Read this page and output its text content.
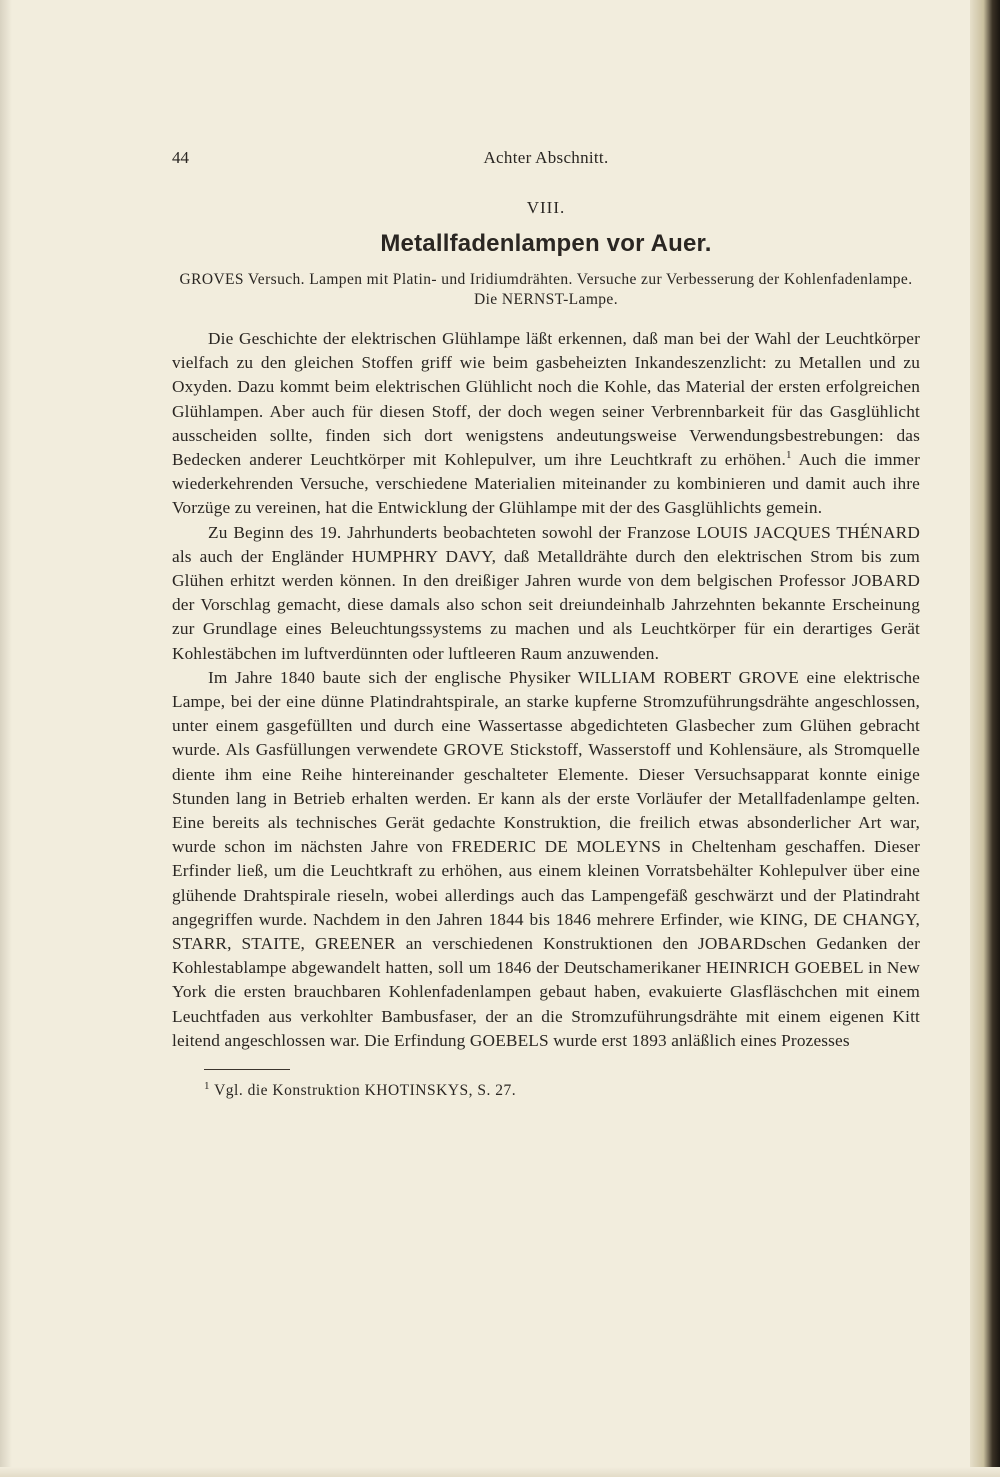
44	Achter Abschnitt.
VIII.
Metallfadenlampen vor Auer.
GROVES Versuch. Lampen mit Platin- und Iridiumdrähten. Versuche zur Verbesserung der Kohlenfadenlampe. Die NERNST-Lampe.

Die Geschichte der elektrischen Glühlampe läßt erkennen, daß man bei der Wahl der Leuchtkörper vielfach zu den gleichen Stoffen griff wie beim gasbeheizten Inkandeszenzlicht: zu Metallen und zu Oxyden. Dazu kommt beim elektrischen Glühlicht noch die Kohle, das Material der ersten erfolgreichen Glühlampen. Aber auch für diesen Stoff, der doch wegen seiner Verbrennbarkeit für das Gasglühlicht ausscheiden sollte, finden sich dort wenigstens andeutungsweise Verwendungsbestrebungen: das Bedecken anderer Leuchtkörper mit Kohlepulver, um ihre Leuchtkraft zu erhöhen.$^1$ Auch die immer wiederkehrenden Versuche, verschiedene Materialien miteinander zu kombinieren und damit auch ihre Vorzüge zu vereinen, hat die Entwicklung der Glühlampe mit der des Gasglühlichts gemein.

Zu Beginn des 19. Jahrhunderts beobachteten sowohl der Franzose LOUIS JACQUES THÉNARD als auch der Engländer HUMPHRY DAVY, daß Metalldrähte durch den elektrischen Strom bis zum Glühen erhitzt werden können. In den dreißiger Jahren wurde von dem belgischen Professor JOBARD der Vorschlag gemacht, diese damals also schon seit dreiundeinhalb Jahrzehnten bekannte Erscheinung zur Grundlage eines Beleuchtungssystems zu machen und als Leuchtkörper für ein derartiges Gerät Kohlestäbchen im luftverdünnten oder luftleeren Raum anzuwenden.

Im Jahre 1840 baute sich der englische Physiker WILLIAM ROBERT GROVE eine elektrische Lampe, bei der eine dünne Platindrahtspirale, an starke kupferne Stromzuführungsdrähte angeschlossen, unter einem gasgefüllten und durch eine Wassertasse abgedichteten Glasbecher zum Glühen gebracht wurde. Als Gasfüllungen verwendete GROVE Stickstoff, Wasserstoff und Kohlensäure, als Stromquelle diente ihm eine Reihe hintereinander geschalteter Elemente. Dieser Versuchsapparat konnte einige Stunden lang in Betrieb erhalten werden. Er kann als der erste Vorläufer der Metallfadenlampe gelten. Eine bereits als technisches Gerät gedachte Konstruktion, die freilich etwas absonderlicher Art war, wurde schon im nächsten Jahre von FREDERIC DE MOLEYNS in Cheltenham geschaffen. Dieser Erfinder ließ, um die Leuchtkraft zu erhöhen, aus einem kleinen Vorratsbehälter Kohlepulver über eine glühende Drahtspirale rieseln, wobei allerdings auch das Lampengefäß geschwärzt und der Platindraht angegriffen wurde. Nachdem in den Jahren 1844 bis 1846 mehrere Erfinder, wie KING, DE CHANGY, STARR, STAITE, GREENER an verschiedenen Konstruktionen den JOBARDschen Gedanken der Kohlestablampe abgewandelt hatten, soll um 1846 der Deutschamerikaner HEINRICH GOEBEL in New York die ersten brauchbaren Kohlenfadenlampen gebaut haben, evakuierte Glasfläschchen mit einem Leuchtfaden aus verkohlter Bambusfaser, der an die Stromzuführungsdrähte mit einem eigenen Kitt leitend angeschlossen war. Die Erfindung GOEBELS wurde erst 1893 anläßlich eines Prozesses

$^1$ Vgl. die Konstruktion KHOTINSKYS, S. 27.
